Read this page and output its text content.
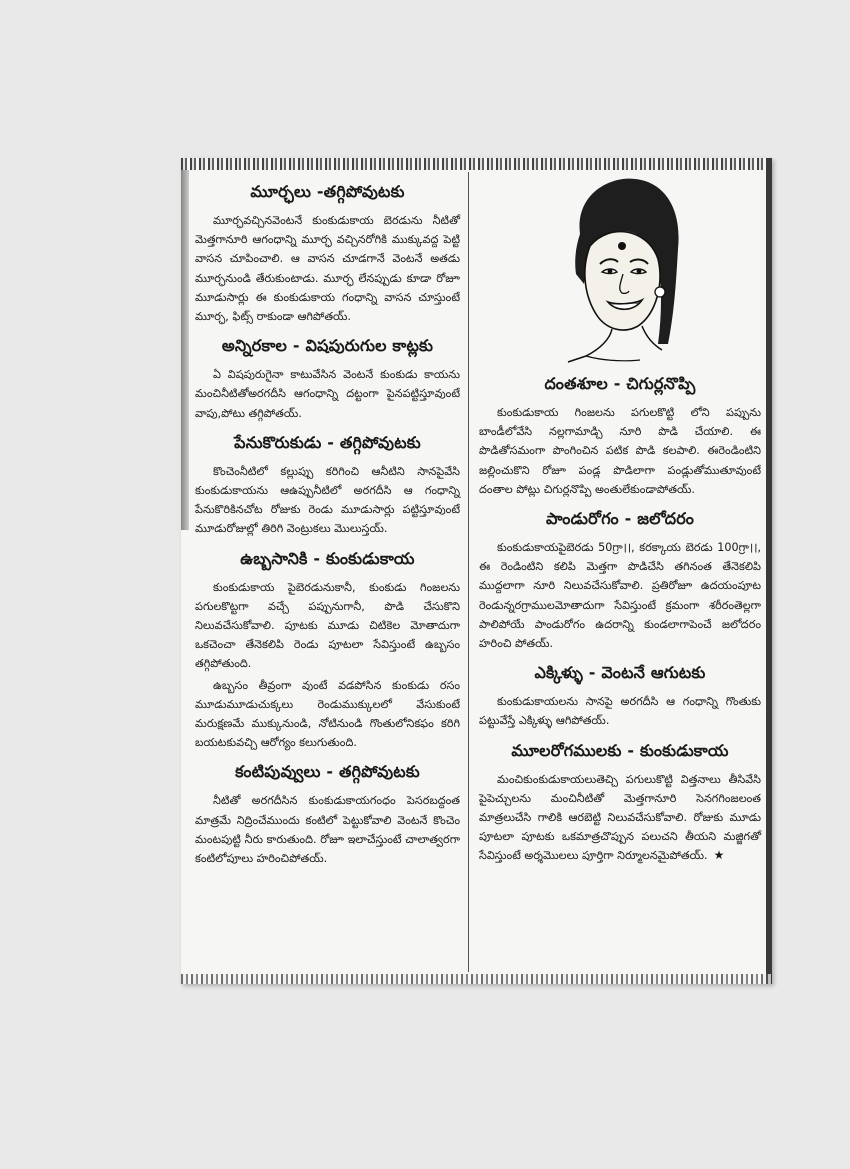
మూర్ఛలు -తగ్గిపోవుటకు

మూర్ఛవచ్చినవెంటనే కుంకుడుకాయ బెరడును నీటితో మెత్తగానూరి ఆగంధాన్ని మూర్ఛ వచ్చినరోగికి ముక్కువద్ద పెట్టి వాసన చూపించాలి. ఆ వాసన చూడగానే వెంటనే అతడు మూర్ఛనుండి తేరుకుంటాడు. మూర్ఛ లేనప్పుడు కూడా రోజూ మూడుసార్లు ఈ కుంకుడుకాయ గంధాన్ని వాసన చూస్తుంటే మూర్ఛ, ఫిట్స్ రాకుండా ఆగిపోతయ్.

అన్నిరకాల - విషపురుగుల కాట్లకు

ఏ విషపురుగైనా కాటువేసిన వెంటనే కుంకుడు కాయను మంచినీటితోఅరగదీసి ఆగంధాన్ని దట్టంగా పైనపట్టిస్తూవుంటే వాపు,పోటు తగ్గిపోతయ్.

పేనుకొరుకుడు - తగ్గిపోవుటకు

కొంచెంనీటిలో కల్లుప్పు కరిగించి ఆనీటిని సానపైవేసి కుంకుడుకాయను ఆఉప్పునీటిలో అరగదీసి ఆ గంధాన్ని పేనుకొరికినచోట రోజుకు రెండు మూడుసార్లు పట్టిస్తూవుంటే మూడురోజుల్లో తిరిగి వెంట్రుకలు మొలుస్తయ్.

ఉబ్బసానికి - కుంకుడుకాయ

కుంకుడుకాయ పైబెరడునుకానీ, కుంకుడు గింజలను పగులకొట్టగా వచ్చే పప్పునుగానీ, పొడి చేసుకొని నిలువచేసుకోవాలి. పూటకు మూడు చిటికెల మోతాదుగా ఒకచెంచా తేనెకలిపి రెండు పూటలా సేవిస్తుంటే ఉబ్బసం తగ్గిపోతుంది.

ఉబ్బసం తీవ్రంగా వుంటే వడపోసిన కుంకుడు రసం మూడుమూడుచుక్కలు రెండుముక్కులలో వేసుకుంటే మరుక్షణమే ముక్కునుండి, నోటినుండి గొంతులోనికఫం కరిగి బయటకువచ్చి ఆరోగ్యం కలుగుతుంది.

కంటిపువ్వులు - తగ్గిపోవుటకు

నీటితో అరగదీసిన కుంకుడుకాయగంధం పెసరబద్దంత మాత్రమే నిద్రించేముందు కంటిలో పెట్టుకోవాలి వెంటనే కొంచెం మంటపుట్టి నీరు కారుతుంది. రోజూ ఇలాచేస్తుంటే చాలాత్వరగా కంటిలోపూలు హరించిపోతయ్.

దంతశూల - చిగుర్లనొప్పి

కుంకుడుకాయ గింజలను పగులకొట్టి లోని పప్పును బాండీలోవేసి నల్లగామాడ్చి నూరి పొడి చేయాలి. ఈ పొడితోసమంగా పొంగించిన పటిక పొడి కలపాలి. ఈరెండింటిని జల్లించుకొని రోజూ పండ్ల పొడిలాగా పండ్లుతోముతూవుంటే దంతాల పోట్లు చిగుర్లనొప్పి అంతులేకుండాపోతయ్.

పాండురోగం - జలోదరం

కుంకుడుకాయపైబెరడు 50గ్రా।।, కరక్కాయ బెరడు 100గ్రా।।, ఈ రెండింటిని కలిపి మెత్తగా పొడిచేసి తగినంత తేనెకలిపి ముద్దలాగా నూరి నిలువచేసుకోవాలి. ప్రతిరోజూ ఉదయంపూట రెండున్నరగ్రాములమోతాదుగా సేవిస్తుంటే క్రమంగా శరీరంతెల్లగా పాలిపోయే పాండురోగం ఉదరాన్ని కుండలాగాపెంచే జలోదరం హరించి పోతయ్.

ఎక్కిళ్ళు - వెంటనే ఆగుటకు

కుంకుడుకాయలను సానపై అరగదీసి ఆ గంధాన్ని గొంతుకు పట్టువేస్తే ఎక్కిళ్ళు ఆగిపోతయ్.

మూలరోగములకు - కుంకుడుకాయ

మంచికుంకుడుకాయలుతెచ్చి పగులుకొట్టి విత్తనాలు తీసివేసి పైపెచ్చులను మంచినీటితో మెత్తగానూరి సెనగగింజలంత మాత్రలుచేసి గాలికి ఆరబెట్టి నిలువచేసుకోవాలి. రోజుకు మూడు పూటలా పూటకు ఒకమాత్రచొప్పున పలుచని తీయని మజ్జిగతో సేవిస్తుంటే అర్శమొలలు పూర్తిగా నిర్మూలనమైపోతయ్. ★
